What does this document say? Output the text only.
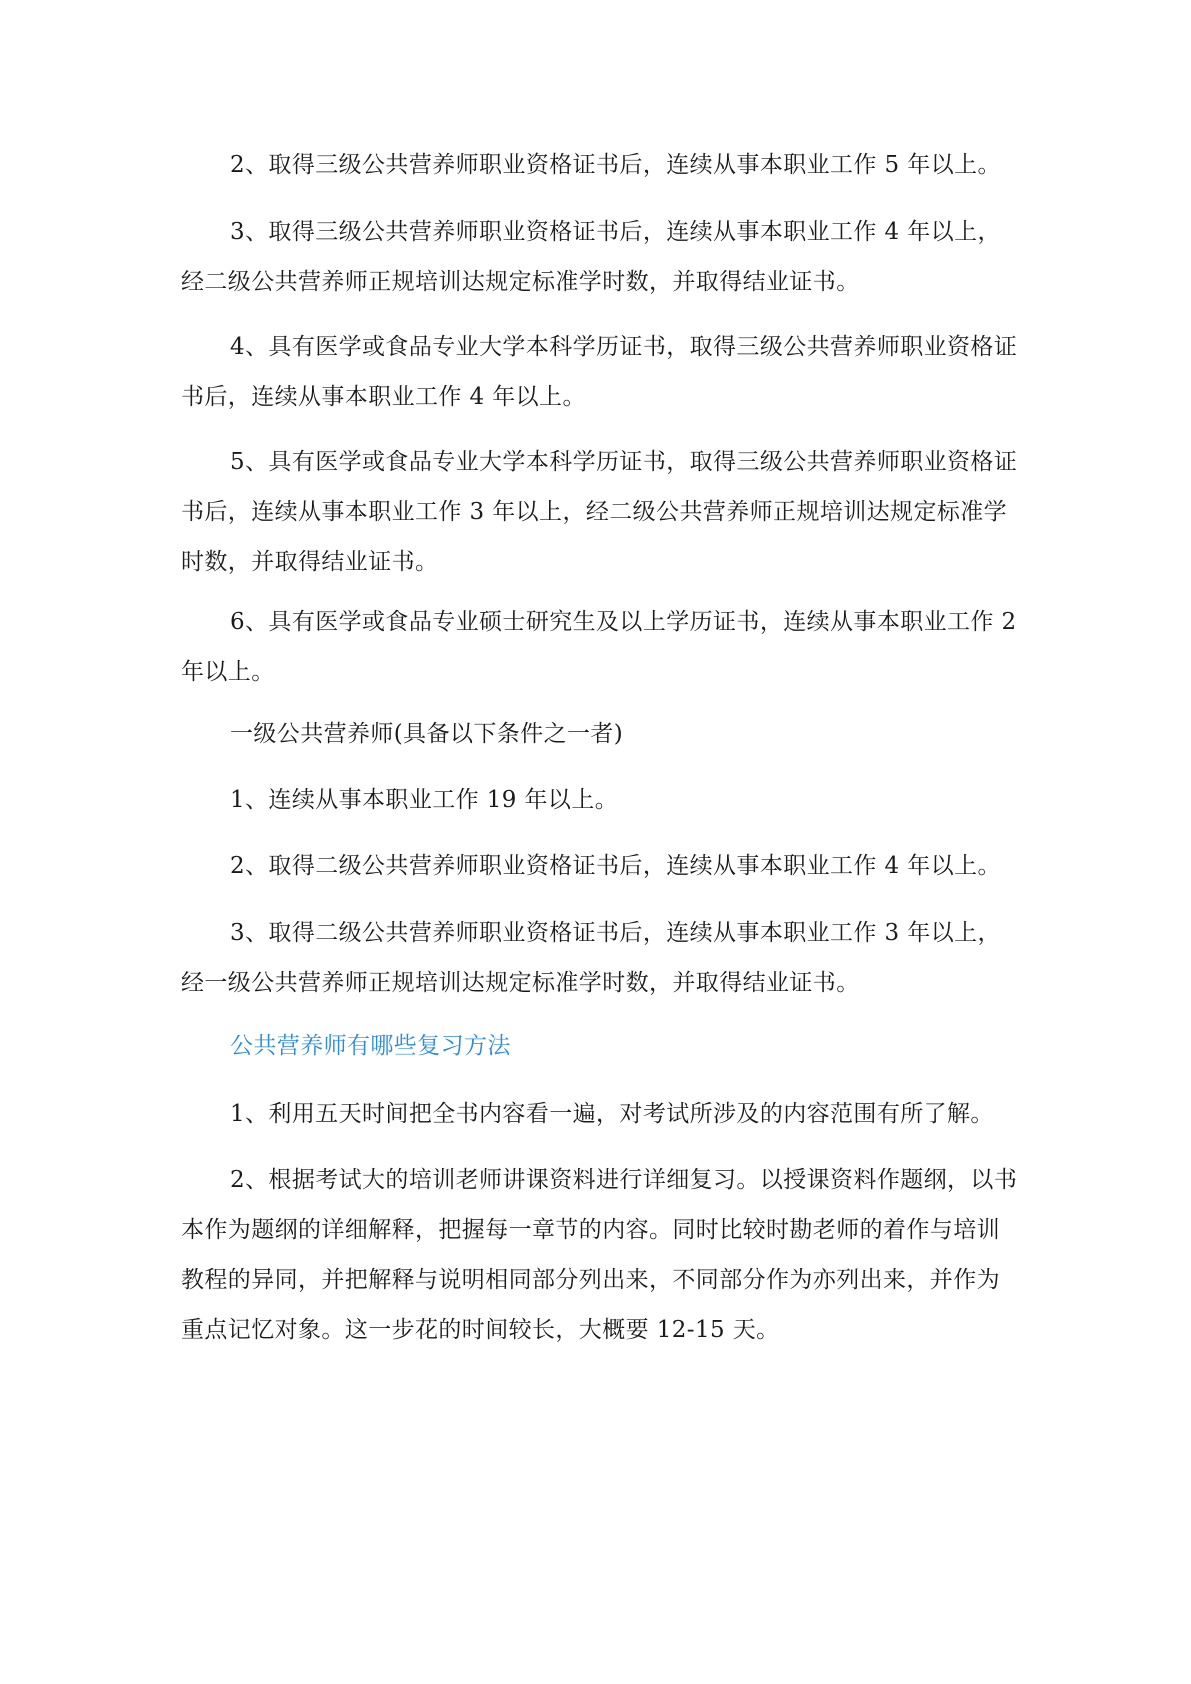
2、取得三级公共营养师职业资格证书后，连续从事本职业工作 5 年以上。

3、取得三级公共营养师职业资格证书后，连续从事本职业工作 4 年以上，经二级公共营养师正规培训达规定标准学时数，并取得结业证书。

4、具有医学或食品专业大学本科学历证书，取得三级公共营养师职业资格证书后，连续从事本职业工作 4 年以上。

5、具有医学或食品专业大学本科学历证书，取得三级公共营养师职业资格证书后，连续从事本职业工作 3 年以上，经二级公共营养师正规培训达规定标准学时数，并取得结业证书。

6、具有医学或食品专业硕士研究生及以上学历证书，连续从事本职业工作 2 年以上。

一级公共营养师(具备以下条件之一者)

1、连续从事本职业工作 19 年以上。

2、取得二级公共营养师职业资格证书后，连续从事本职业工作 4 年以上。

3、取得二级公共营养师职业资格证书后，连续从事本职业工作 3 年以上，经一级公共营养师正规培训达规定标准学时数，并取得结业证书。

公共营养师有哪些复习方法

1、利用五天时间把全书内容看一遍，对考试所涉及的内容范围有所了解。

2、根据考试大的培训老师讲课资料进行详细复习。以授课资料作题纲，以书本作为题纲的详细解释，把握每一章节的内容。同时比较时勘老师的着作与培训教程的异同，并把解释与说明相同部分列出来，不同部分作为亦列出来，并作为重点记忆对象。这一步花的时间较长，大概要 12-15 天。
